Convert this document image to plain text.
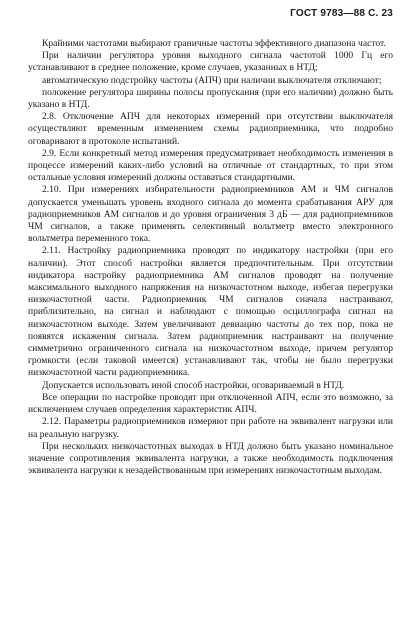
ГОСТ 9783—88 С. 23

Крайними частотами выбирают граничные частоты эффективного диапазона частот.

При наличии регулятора уровня выходного сигнала частотой 1000 Гц его устанавливают в среднее положение, кроме случаев, указанных в НТД;

автоматическую подстройку частоты (АПЧ) при наличии выключателя отключают;

положение регулятора ширины полосы пропускания (при его наличии) должно быть указано в НТД.

2.8. Отключение АПЧ для некоторых измерений при отсутствии выключателя осуществляют временным изменением схемы радиоприемника, что подробно оговаривают в протоколе испытаний.

2.9. Если конкретный метод измерения предусматривает необходимость изменения в процессе измерений каких-либо условий на отличные от стандартных, то при этом остальные условия измерений должны оставаться стандартными.

2.10. При измерениях избирательности радиоприемников АМ и ЧМ сигналов допускается уменьшать уровень входного сигнала до момента срабатывания АРУ для радиоприемников АМ сигналов и до уровня ограничения 3 дБ — для радиоприемников ЧМ сигналов, а также применять селективный вольтметр вместо электронного вольтметра переменного тока.

2.11. Настройку радиоприемника проводят по индикатору настройки (при его наличии). Этот способ настройки является предпочтительным. При отсутствии индикатора настройку радиоприемника АМ сигналов проводят на получение максимального выходного напряжения на низкочастотном выходе, избегая перегрузки низкочастотной части. Радиоприемник ЧМ сигналов сначала настраивают, приблизительно, на сигнал и наблюдают с помощью осциллографа сигнал на низкочастотном выходе. Затем увеличивают девиацию частоты до тех пор, пока не появятся искажения сигнала. Затем радиоприемник настраивают на получение симметрично ограниченного сигнала на низкочастотном выходе, причем регулятор громкости (если таковой имеется) устанавливают так, чтобы не было перегрузки низкочастотной части радиоприемника.

Допускается использовать иной способ настройки, оговариваемый в НТД.

Все операции по настройке проводят при отключенной АПЧ, если это возможно, за исключением случаев определения характеристик АПЧ.

2.12. Параметры радиоприемников измеряют при работе на эквивалент нагрузки или на реальную нагрузку.

При нескольких низкочастотных выходах в НТД должно быть указано номинальное значение сопротивления эквивалента нагрузки, а также необходимость подключения эквивалента нагрузки к незадействованным при измерениях низкочастотным выходам.
